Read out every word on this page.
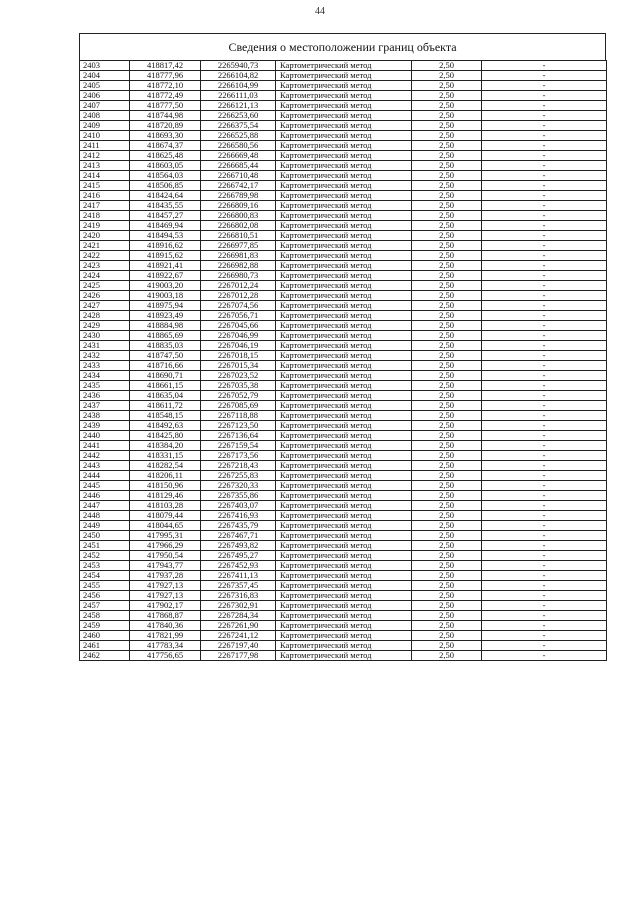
44
Сведения о местоположении границ объекта
2403	418817,42	2265940,73	Картометрический метод	2,50	-
2404	418777,96	2266104,82	Картометрический метод	2,50	-
2405	418772,10	2266104,99	Картометрический метод	2,50	-
2406	418772,49	2266111,03	Картометрический метод	2,50	-
2407	418777,50	2266121,13	Картометрический метод	2,50	-
2408	418744,98	2266253,60	Картометрический метод	2,50	-
2409	418720,89	2266375,54	Картометрический метод	2,50	-
2410	418693,30	2266525,88	Картометрический метод	2,50	-
2411	418674,37	2266580,56	Картометрический метод	2,50	-
2412	418625,48	2266669,48	Картометрический метод	2,50	-
2413	418603,05	2266685,44	Картометрический метод	2,50	-
2414	418564,03	2266710,48	Картометрический метод	2,50	-
2415	418506,85	2266742,17	Картометрический метод	2,50	-
2416	418424,64	2266789,98	Картометрический метод	2,50	-
2417	418435,55	2266809,16	Картометрический метод	2,50	-
2418	418457,27	2266800,83	Картометрический метод	2,50	-
2419	418469,94	2266802,08	Картометрический метод	2,50	-
2420	418494,53	2266810,51	Картометрический метод	2,50	-
2421	418916,62	2266977,85	Картометрический метод	2,50	-
2422	418915,62	2266981,83	Картометрический метод	2,50	-
2423	418921,41	2266982,88	Картометрический метод	2,50	-
2424	418922,67	2266980,73	Картометрический метод	2,50	-
2425	419003,20	2267012,24	Картометрический метод	2,50	-
2426	419003,18	2267012,28	Картометрический метод	2,50	-
2427	418975,94	2267074,56	Картометрический метод	2,50	-
2428	418923,49	2267056,71	Картометрический метод	2,50	-
2429	418884,98	2267045,66	Картометрический метод	2,50	-
2430	418865,69	2267046,99	Картометрический метод	2,50	-
2431	418835,03	2267046,19	Картометрический метод	2,50	-
2432	418747,50	2267018,15	Картометрический метод	2,50	-
2433	418716,66	2267015,34	Картометрический метод	2,50	-
2434	418690,71	2267023,52	Картометрический метод	2,50	-
2435	418661,15	2267035,38	Картометрический метод	2,50	-
2436	418635,04	2267052,79	Картометрический метод	2,50	-
2437	418611,72	2267085,69	Картометрический метод	2,50	-
2438	418548,15	2267118,88	Картометрический метод	2,50	-
2439	418492,63	2267123,50	Картометрический метод	2,50	-
2440	418425,80	2267136,64	Картометрический метод	2,50	-
2441	418384,20	2267159,54	Картометрический метод	2,50	-
2442	418331,15	2267173,56	Картометрический метод	2,50	-
2443	418282,54	2267218,43	Картометрический метод	2,50	-
2444	418206,11	2267255,83	Картометрический метод	2,50	-
2445	418150,96	2267320,33	Картометрический метод	2,50	-
2446	418129,46	2267355,86	Картометрический метод	2,50	-
2447	418103,28	2267403,07	Картометрический метод	2,50	-
2448	418079,44	2267416,93	Картометрический метод	2,50	-
2449	418044,65	2267435,79	Картометрический метод	2,50	-
2450	417995,31	2267467,71	Картометрический метод	2,50	-
2451	417966,29	2267493,82	Картометрический метод	2,50	-
2452	417950,54	2267495,27	Картометрический метод	2,50	-
2453	417943,77	2267452,93	Картометрический метод	2,50	-
2454	417937,28	2267411,13	Картометрический метод	2,50	-
2455	417927,13	2267357,45	Картометрический метод	2,50	-
2456	417927,13	2267316,83	Картометрический метод	2,50	-
2457	417902,17	2267302,91	Картометрический метод	2,50	-
2458	417868,87	2267284,34	Картометрический метод	2,50	-
2459	417840,36	2267261,90	Картометрический метод	2,50	-
2460	417821,99	2267241,12	Картометрический метод	2,50	-
2461	417783,34	2267197,40	Картометрический метод	2,50	-
2462	417756,65	2267177,98	Картометрический метод	2,50	-
